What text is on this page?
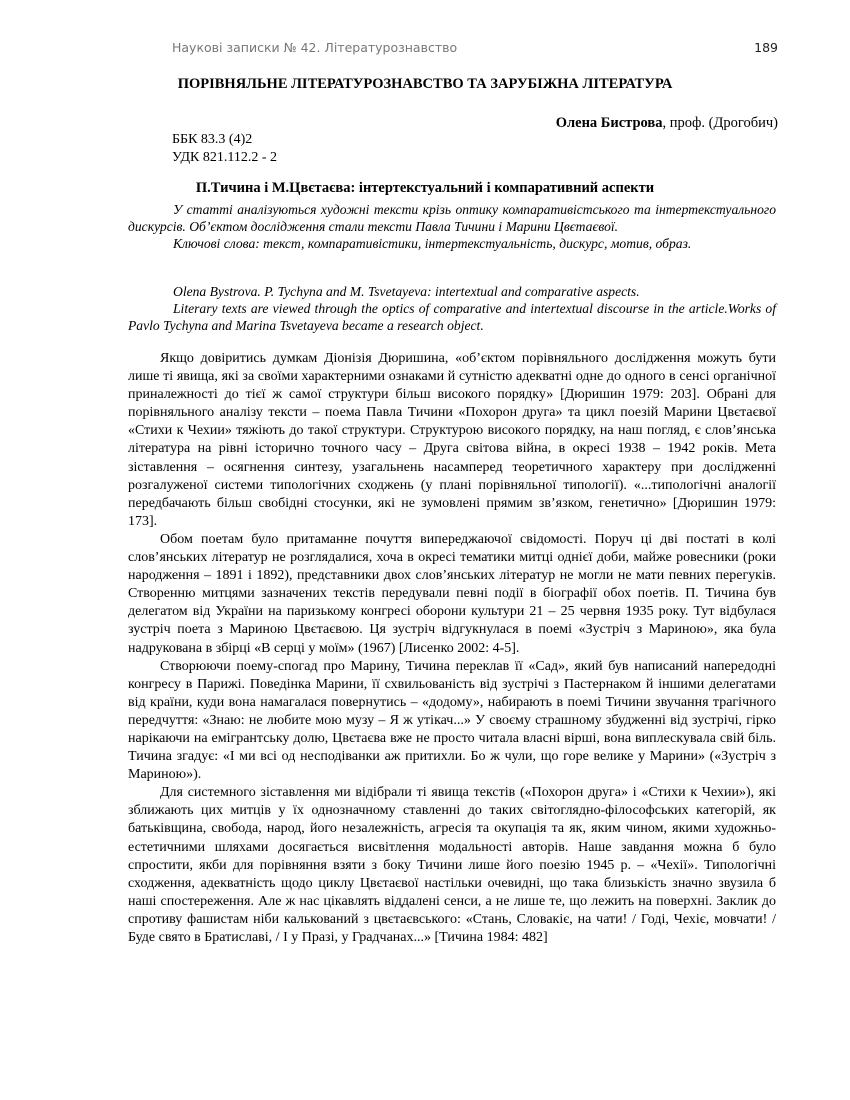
Наукові записки № 42. Літературознавство	189
ПОРІВНЯЛЬНЕ ЛІТЕРАТУРОЗНАВСТВО ТА ЗАРУБІЖНА ЛІТЕРАТУРА
Олена Бистрова, проф. (Дрогобич)
ББК 83.3 (4)2
УДК 821.112.2 - 2
П.Тичина і М.Цвєтаєва: інтертекстуальний і компаративний аспекти

У статті аналізуються художні тексти крізь оптику компаративістського та інтертекстуального дискурсів. Об’єктом дослідження стали тексти Павла Тичини і Марини Цвєтаєвої.

Ключові слова: текст, компаративістики, інтертекстуальність, дискурс, мотив, образ.

Olena Bystrova. P. Tychyna and M. Tsvetayeva: intertextual and comparative aspects.

Literary texts are viewed through the optics of comparative and intertextual discourse in the article.Works of Pavlo Tychyna and Marina Tsvetayeva became a research object.

Якщо довіритись думкам Діонізія Дюришина, «об’єктом порівняльного дослідження можуть бути лише ті явища, які за своїми характерними ознаками й сутністю адекватні одне до одного в сенсі органічної приналежності до тієї ж самої структури більш високого порядку» [Дюришин 1979: 203]. Обрані для порівняльного аналізу тексти – поема Павла Тичини «Похорон друга» та цикл поезій Марини Цвєтаєвої «Стихи к Чехии» тяжіють до такої структури. Структурою високого порядку, на наш погляд, є слов’янська література на рівні історично точного часу – Друга світова війна, в окресі 1938 – 1942 років. Мета зіставлення – осягнення синтезу, узагальнень насамперед теоретичного характеру при дослідженні розгалуженої системи типологічних сходжень (у плані порівняльної типології). «...типологічні аналогії передбачають більш свобідні стосунки, які не зумовлені прямим зв’язком, генетично» [Дюришин 1979: 173].

Обом поетам було притаманне почуття випереджаючої свідомості. Поруч ці дві постаті в колі слов’янських літератур не розглядалися, хоча в окресі тематики митці однієї доби, майже ровесники (роки народження – 1891 і 1892), представники двох слов’янських літератур не могли не мати певних перегуків. Створенню митцями зазначених текстів передували певні події в біографії обох поетів. П. Тичина був делегатом від України на паризькому конгресі оборони культури 21 – 25 червня 1935 року. Тут відбулася зустріч поета з Мариною Цвєтаєвою. Ця зустріч відгукнулася в поемі «Зустріч з Мариною», яка була надрукована в збірці «В серці у моїм» (1967) [Лисенко 2002: 4-5].

Створюючи поему-спогад про Марину, Тичина переклав її «Сад», який був написаний напередодні конгресу в Парижі. Поведінка Марини, її схвильованість від зустрічі з Пастернаком й іншими делегатами від країни, куди вона намагалася повернутись – «додому», набирають в поемі Тичини звучання трагічного передчуття: «Знаю: не любите мою музу – Я ж утікач...» У своєму страшному збудженні від зустрічі, гірко нарікаючи на емігрантську долю, Цвєтаєва вже не просто читала власні вірші, вона виплескувала свій біль. Тичина згадує: «І ми всі од несподіванки аж притихли. Бо ж чули, що горе велике у Марини» («Зустріч з Мариною»).

Для системного зіставлення ми відібрали ті явища текстів («Похорон друга» і «Стихи к Чехии»), які зближають цих митців у їх однозначному ставленні до таких світоглядно-філософських категорій, як батьківщина, свобода, народ, його незалежність, агресія та окупація та як, яким чином, якими художньо-естетичними шляхами досягається висвітлення модальності авторів. Наше завдання можна б було спростити, якби для порівняння взяти з боку Тичини лише його поезію 1945 р. – «Чехії». Типологічні сходження, адекватність щодо циклу Цвєтаєвої настільки очевидні, що така близькість значно звузила б наші спостереження. Але ж нас цікавлять віддалені сенси, а не лише те, що лежить на поверхні. Заклик до спротиву фашистам ніби калькований з цвєтаєвського: «Стань, Словакіє, на чати! / Годі, Чехіє, мовчати! / Буде свято в Братиславі, / І у Празі, у Градчанах...» [Тичина 1984: 482]
